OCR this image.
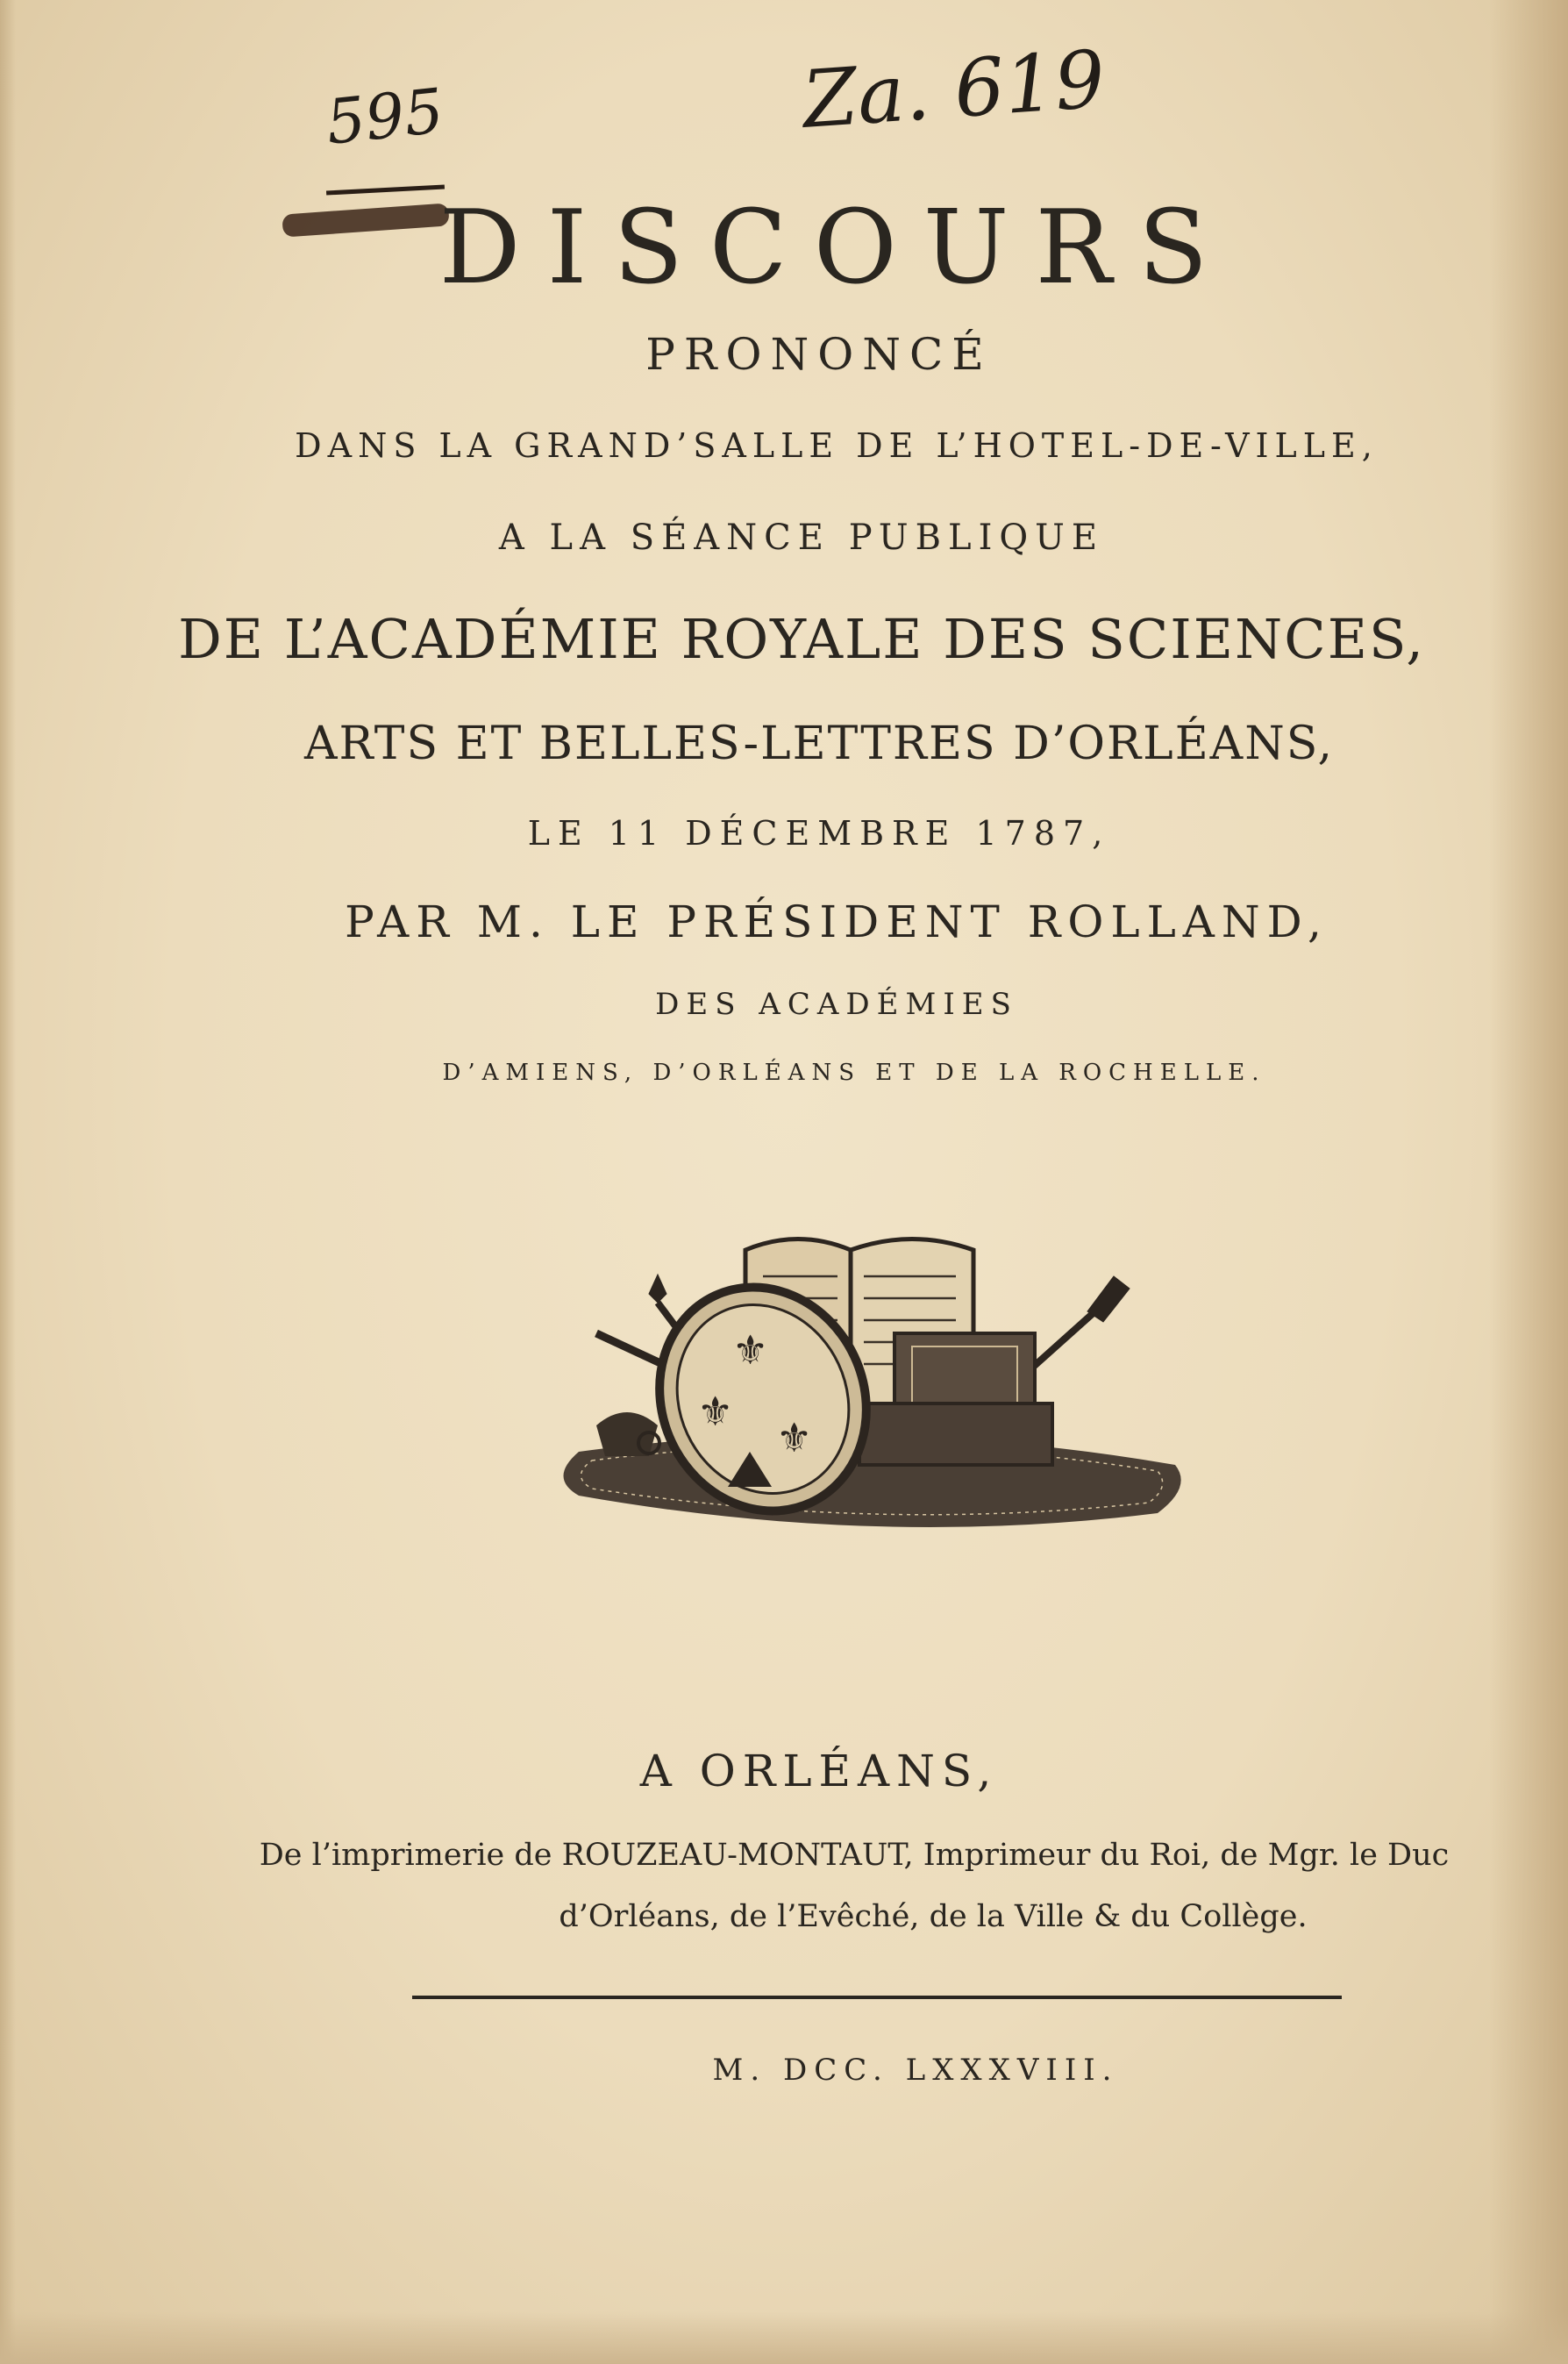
Za. 619
595
DISCOURS
PRONONCÉ
DANS LA GRAND’SALLE DE L’HOTEL-DE-VILLE,
A LA SÉANCE PUBLIQUE
DE L’ACADÉMIE ROYALE DES SCIENCES,
ARTS ET BELLES-LETTRES D’ORLÉANS,
LE 11 DÉCEMBRE 1787,
PAR M. LE PRÉSIDENT ROLLAND,
DES ACADÉMIES
D’AMIENS, D’ORLÉANS ET DE LA ROCHELLE.
⚜
⚜
⚜
A ORLÉANS,
De l’imprimerie de ROUZEAU-MONTAUT, Imprimeur du Roi, de Mgr. le Duc
d’Orléans, de l’Evêché, de la Ville & du Collège.
M. DCC. LXXXVIII.
